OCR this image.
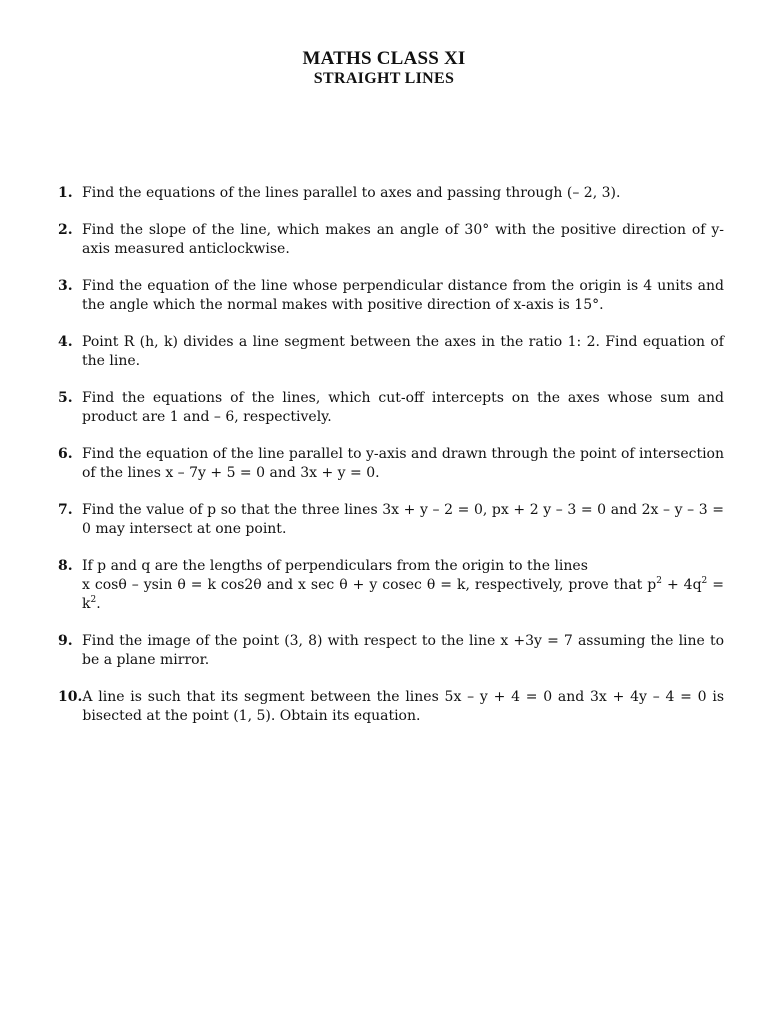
MATHS CLASS XI
STRAIGHT LINES
1. Find the equations of the lines parallel to axes and passing through (– 2, 3).
2. Find the slope of the line, which makes an angle of 30° with the positive direction of y-axis measured anticlockwise.
3. Find the equation of the line whose perpendicular distance from the origin is 4 units and the angle which the normal makes with positive direction of x-axis is 15°.
4. Point R (h, k) divides a line segment between the axes in the ratio 1: 2. Find equation of the line.
5. Find the equations of the lines, which cut-off intercepts on the axes whose sum and product are 1 and – 6, respectively.
6. Find the equation of the line parallel to y-axis and drawn through the point of intersection of the lines x – 7y + 5 = 0 and 3x + y = 0.
7. Find the value of p so that the three lines 3x + y – 2 = 0, px + 2 y – 3 = 0 and 2x – y – 3 = 0 may intersect at one point.
8. If p and q are the lengths of perpendiculars from the origin to the lines
x cosθ – ysin θ = k cos2θ and x sec θ + y cosec θ = k, respectively, prove that $p^2 + 4q^2 = k^2$.
9. Find the image of the point (3, 8) with respect to the line x +3y = 7 assuming the line to be a plane mirror.
10. A line is such that its segment between the lines 5x – y + 4 = 0 and 3x + 4y – 4 = 0 is bisected at the point (1, 5). Obtain its equation.
